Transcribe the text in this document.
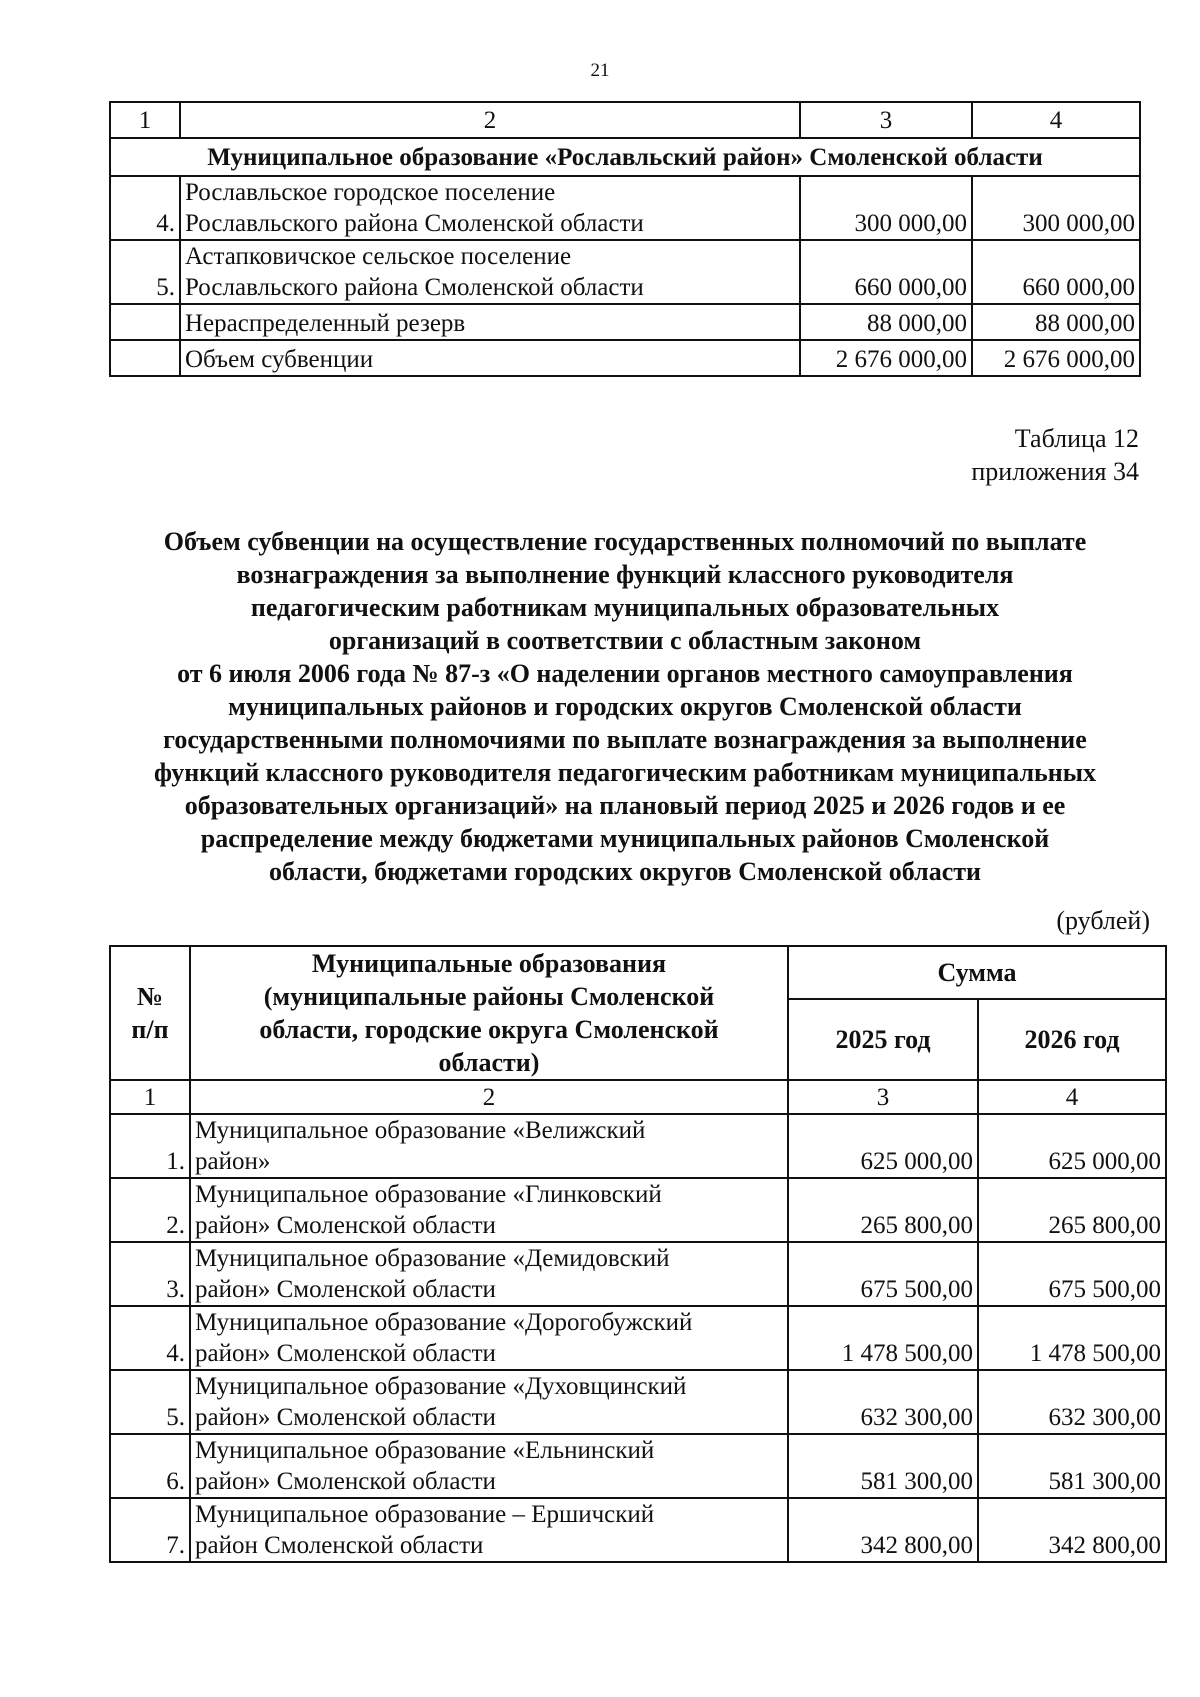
21
1	2	3	4
Муниципальное образование «Рославльский район» Смоленской области			
4.	Рославльское городское поселение
Рославльского района Смоленской области	300 000,00	300 000,00
5.	Астапковичское сельское поселение
Рославльского района Смоленской области	660 000,00	660 000,00
	Нераспределенный резерв	88 000,00	88 000,00
	Объем субвенции	2 676 000,00	2 676 000,00
Таблица 12
приложения 34
Объем субвенции на осуществление государственных полномочий по выплате
вознаграждения за выполнение функций классного руководителя
педагогическим работникам муниципальных образовательных
организаций в соответствии с областным законом
от 6 июля 2006 года № 87-з «О наделении органов местного самоуправления
муниципальных районов и городских округов Смоленской области
государственными полномочиями по выплате вознаграждения за выполнение
функций классного руководителя педагогическим работникам муниципальных
образовательных организаций» на плановый период 2025 и 2026 годов и ее
распределение между бюджетами муниципальных районов Смоленской
области, бюджетами городских округов Смоленской области
(рублей)
№
п/п	Муниципальные образования
(муниципальные районы Смоленской
области, городские округа Смоленской
области)	Сумма	
		2025 год	2026 год
1	2	3	4
1.	Муниципальное образование «Велижский
район»	625 000,00	625 000,00
2.	Муниципальное образование «Глинковский
район» Смоленской области	265 800,00	265 800,00
3.	Муниципальное образование «Демидовский
район» Смоленской области	675 500,00	675 500,00
4.	Муниципальное образование «Дорогобужский
район» Смоленской области	1 478 500,00	1 478 500,00
5.	Муниципальное образование «Духовщинский
район» Смоленской области	632 300,00	632 300,00
6.	Муниципальное образование «Ельнинский
район» Смоленской области	581 300,00	581 300,00
7.	Муниципальное образование – Ершичский
район Смоленской области	342 800,00	342 800,00
